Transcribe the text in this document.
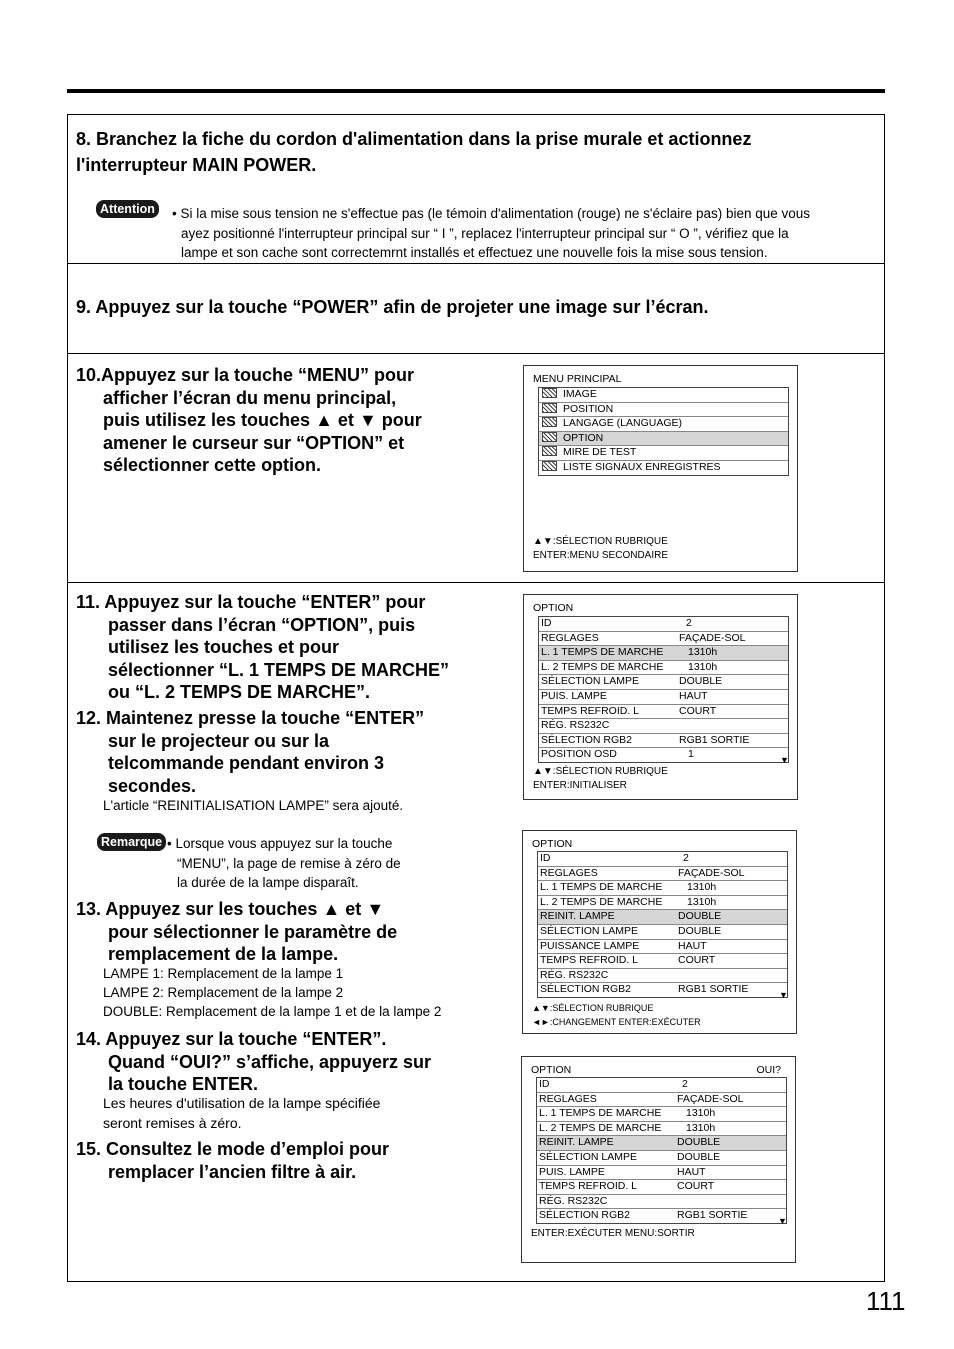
8. Branchez la fiche du cordon d'alimentation dans la prise murale et actionnez
l'interrupteur MAIN POWER.
Attention • Si la mise sous tension ne s'effectue pas (le témoin d'alimentation (rouge) ne s'éclaire pas) bien que vous
ayez positionné l'interrupteur principal sur “ I ”, replacez l'interrupteur principal sur “ O ”, vérifiez que la
lampe et son cache sont correctemrnt installés et effectuez une nouvelle fois la mise sous tension.
9. Appuyez sur la touche “POWER” afin de projeter une image sur l’écran.
10.Appuyez sur la touche “MENU” pour
afficher l’écran du menu principal,
puis utilisez les touches ▲ et ▼ pour
amener le curseur sur “OPTION” et
sélectionner cette option.
MENU PRINCIPAL
IMAGE
POSITION
LANGAGE (LANGUAGE)
OPTION
MIRE DE TEST
LISTE SIGNAUX ENREGISTRES
▲▼:SÉLECTION RUBRIQUE
ENTER:MENU SECONDAIRE
11. Appuyez sur la touche “ENTER” pour
passer dans l’écran “OPTION”, puis
utilisez les touches et pour
sélectionner “L. 1 TEMPS DE MARCHE”
ou “L. 2 TEMPS DE MARCHE”.
12. Maintenez presse la touche “ENTER”
sur le projecteur ou sur la
telcommande pendant environ 3
secondes.
L'article “REINITIALISATION LAMPE” sera ajouté.
Remarque • Lorsque vous appuyez sur la touche
“MENU”, la page de remise à zéro de
la durée de la lampe disparaît.
13. Appuyez sur les touches ▲ et ▼
pour sélectionner le paramètre de
remplacement de la lampe.
LAMPE 1: Remplacement de la lampe 1
LAMPE 2: Remplacement de la lampe 2
DOUBLE: Remplacement de la lampe 1 et de la lampe 2
14. Appuyez sur la touche “ENTER”.
Quand “OUI?” s’affiche, appuyerz sur
la touche ENTER.
Les heures d'utilisation de la lampe spécifiée
seront remises à zéro.
15. Consultez le mode d’emploi pour
remplacer l’ancien filtre à air.
OPTION
ID	2
REGLAGES	FAÇADE-SOL
L. 1 TEMPS DE MARCHE 1310h
L. 2 TEMPS DE MARCHE 1310h
SÉLECTION LAMPE	DOUBLE
PUIS. LAMPE	HAUT
TEMPS REFROID. L	COURT
RÉG. RS232C
SÉLECTION RGB2	RGB1 SORTIE
POSITION OSD	1	▼
▲▼:SÉLECTION RUBRIQUE
ENTER:INITIALISER
OPTION
ID	2
REGLAGES	FAÇADE-SOL
L. 1 TEMPS DE MARCHE 1310h
L. 2 TEMPS DE MARCHE 1310h
REINIT. LAMPE	DOUBLE
SÉLECTION LAMPE	DOUBLE
PUISSANCE LAMPE	HAUT
TEMPS REFROID. L	COURT
RÉG. RS232C
SÉLECTION RGB2	RGB1 SORTIE	▼
▲▼:SÉLECTION RUBRIQUE
◄►:CHANGEMENT ENTER:EXÉCUTER
OPTION	OUI?
ID	2
REGLAGES	FAÇADE-SOL
L. 1 TEMPS DE MARCHE 1310h
L. 2 TEMPS DE MARCHE 1310h
REINIT. LAMPE	DOUBLE
SÉLECTION LAMPE	DOUBLE
PUIS. LAMPE	HAUT
TEMPS REFROID. L	COURT
RÉG. RS232C
SÉLECTION RGB2	RGB1 SORTIE	▼
ENTER:EXÉCUTER MENU:SORTIR
111
